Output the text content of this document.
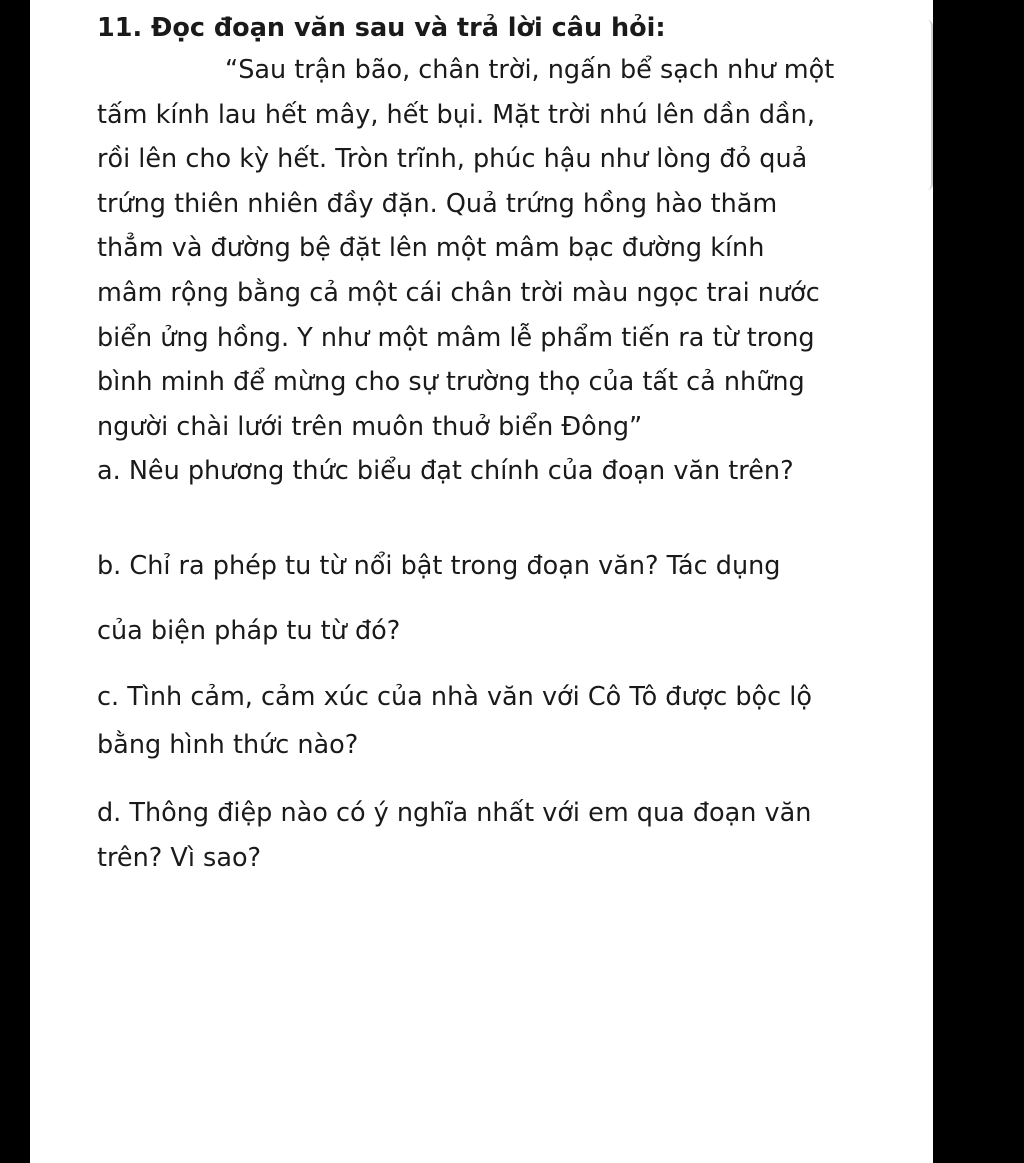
11. Đọc đoạn văn sau và trả lời câu hỏi:
“Sau trận bão, chân trời, ngấn bể sạch như một
tấm kính lau hết mây, hết bụi. Mặt trời nhú lên dần dần,
rồi lên cho kỳ hết. Tròn trĩnh, phúc hậu như lòng đỏ quả
trứng thiên nhiên đầy đặn. Quả trứng hồng hào thăm
thẳm và đường bệ đặt lên một mâm bạc đường kính
mâm rộng bằng cả một cái chân trời màu ngọc trai nước
biển ửng hồng. Y như một mâm lễ phẩm tiến ra từ trong
bình minh để mừng cho sự trường thọ của tất cả những
người chài lưới trên muôn thuở biển Đông”
a. Nêu phương thức biểu đạt chính của đoạn văn trên?
b. Chỉ ra phép tu từ nổi bật trong đoạn văn? Tác dụng
của biện pháp tu từ đó?
c. Tình cảm, cảm xúc của nhà văn với Cô Tô được bộc lộ
bằng hình thức nào?
d. Thông điệp nào có ý nghĩa nhất với em qua đoạn văn
trên? Vì sao?
